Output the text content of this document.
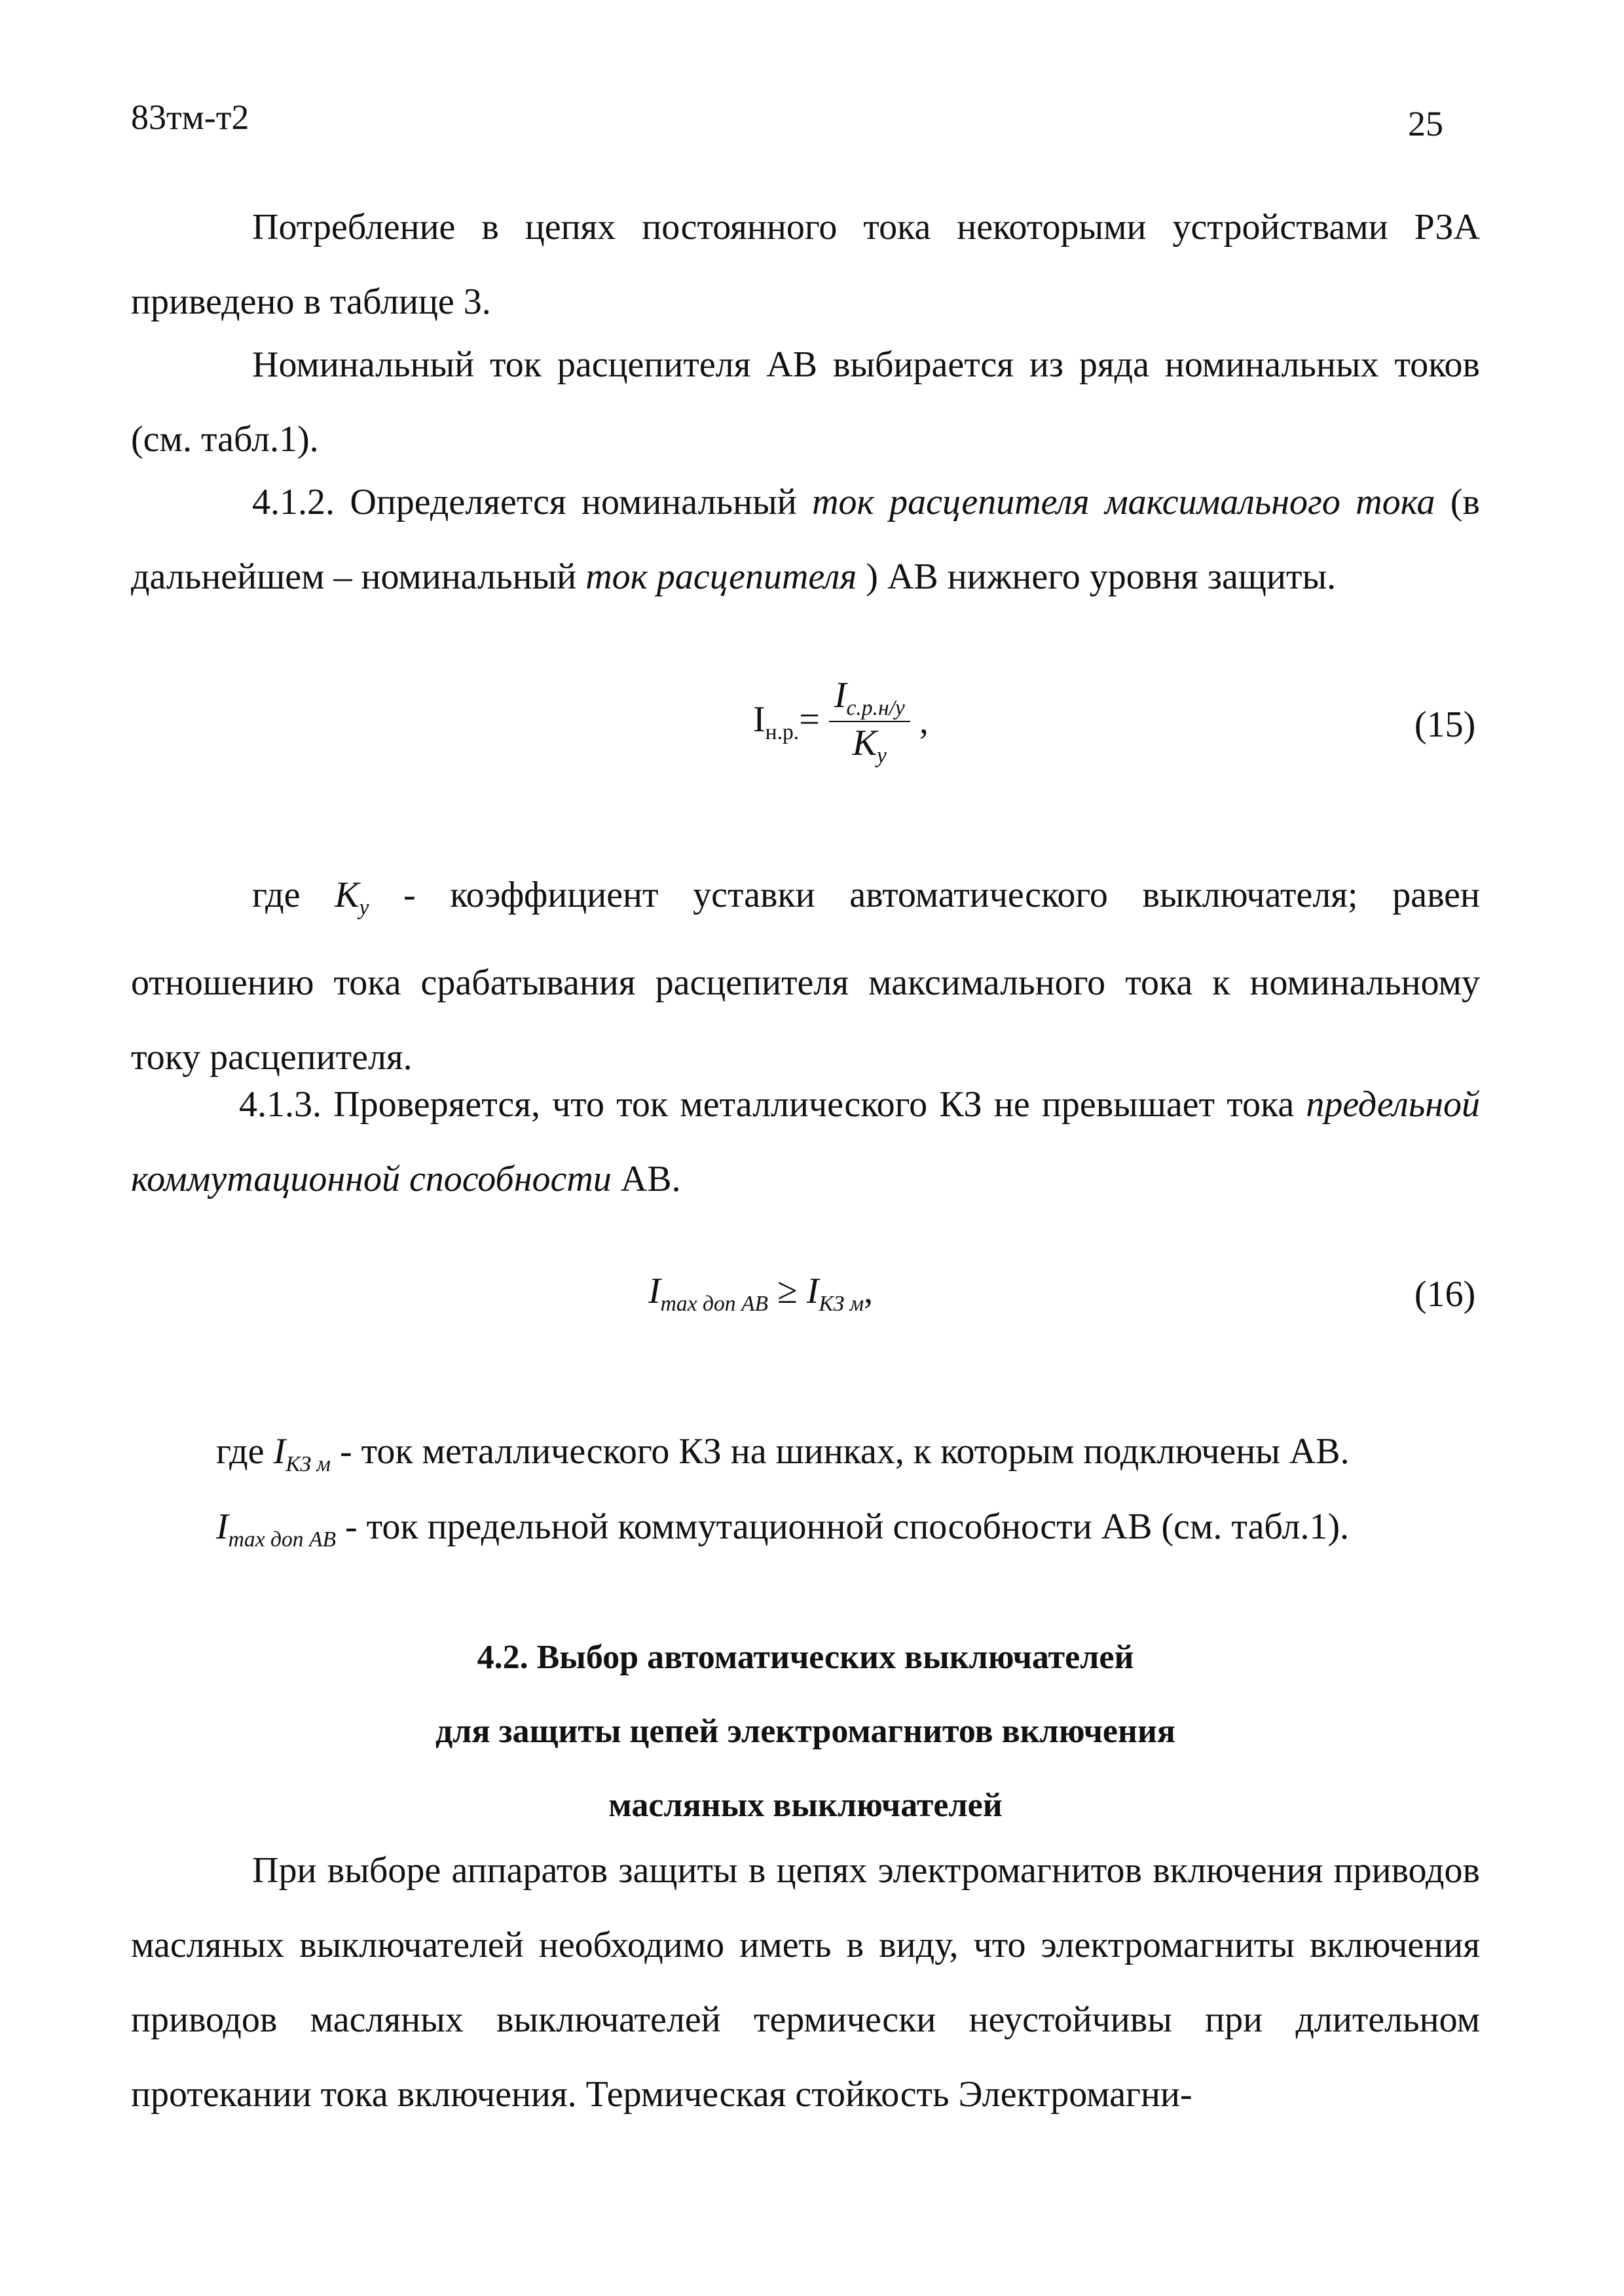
83тм-т2	25

Потребление в цепях постоянного тока некоторыми устройствами РЗА приведено в таблице 3.

Номинальный ток расцепителя АВ выбирается из ряда номинальных токов (см. табл.1).

4.1.2. Определяется номинальный ток расцепителя максимального тока (в дальнейшем – номинальный ток расцепителя ) АВ нижнего уровня защиты.

$I_{н.р.}= \frac{I_{с.р.н/у}}{K_у}$ ,	(15)

где $K_у$ - коэффициент уставки автоматического выключателя; равен отношению тока срабатывания расцепителя максимального тока к номинальному току расцепителя.

4.1.3. Проверяется, что ток металлического КЗ не превышает тока предельной коммутационной способности АВ.

$I_{max доп АВ} \ge I_{КЗ м}$,	(16)

где $I_{КЗ м}$ - ток металлического КЗ на шинках, к которым подключены АВ.

$I_{max доп АВ}$ - ток предельной коммутационной способности АВ (см. табл.1).

4.2. Выбор автоматических выключателей
для защиты цепей электромагнитов включения
масляных выключателей

При выборе аппаратов защиты в цепях электромагнитов включения приводов масляных выключателей необходимо иметь в виду, что электромагниты включения приводов масляных выключателей термически неустойчивы при длительном протекании тока включения. Термическая стойкость Электромагни-
